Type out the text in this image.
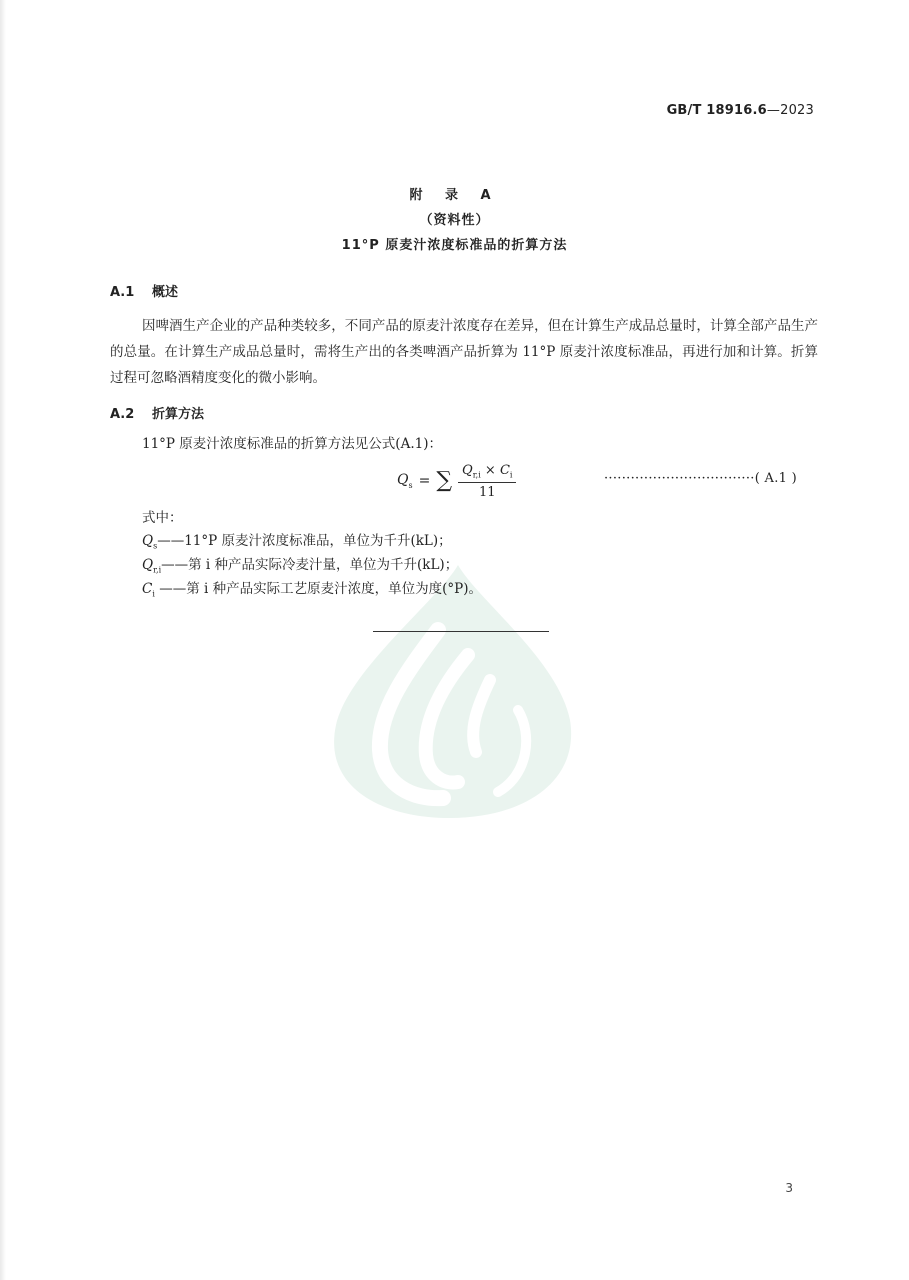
GB/T 18916.6—2023
附 录 A
（资料性）
11°P 原麦汁浓度标准品的折算方法
A.1 概述
因啤酒生产企业的产品种类较多，不同产品的原麦汁浓度存在差异，但在计算生产成品总量时，计算全部产品生产的总量。在计算生产成品总量时，需将生产出的各类啤酒产品折算为 11°P 原麦汁浓度标准品，再进行加和计算。折算过程可忽略酒精度变化的微小影响。
A.2 折算方法
11°P 原麦汁浓度标准品的折算方法见公式(A.1)：
$Q_s$ = ∑ $\frac{Q_{r,i} \times C_i}{11}$	··································( A.1 )
式中：
$Q_s——11^\circ P$ 原麦汁浓度标准品，单位为千升(kL)；
$Q_{r,i}——$第 i 种产品实际冷麦汁量，单位为千升(kL)；
$C_i$ ——第 i 种产品实际工艺原麦汁浓度，单位为度(°P)。
3
